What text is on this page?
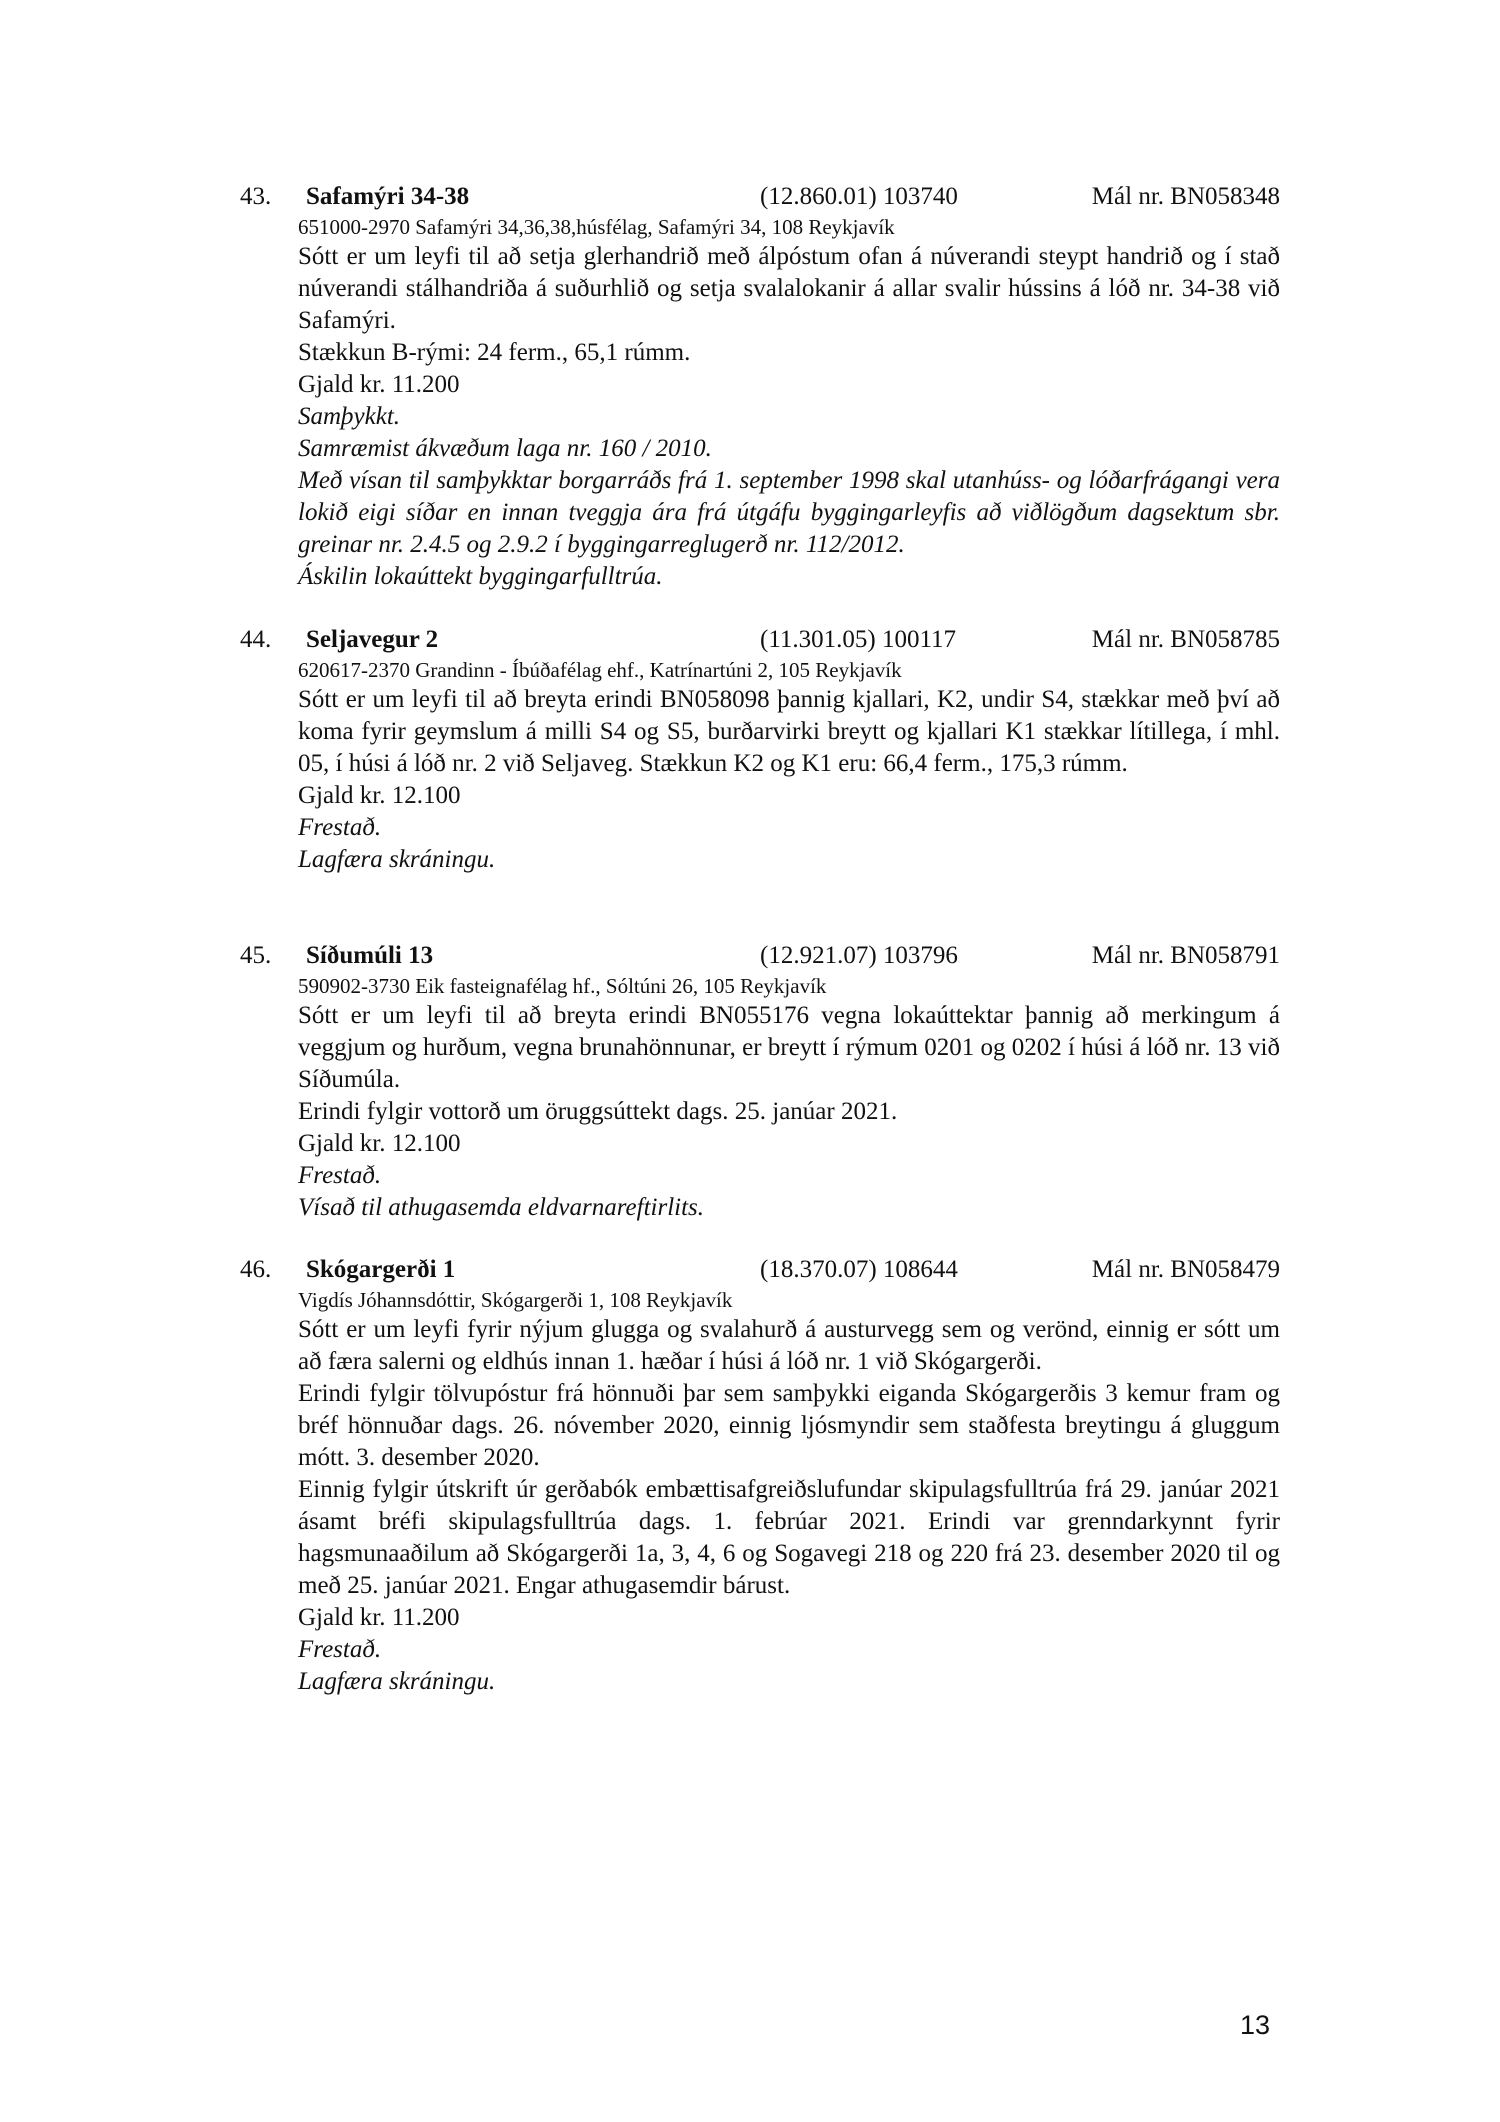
43. Safamýri 34-38	(12.860.01) 103740	Mál nr. BN058348
651000-2970 Safamýri 34,36,38,húsfélag, Safamýri 34, 108 Reykjavík
Sótt er um leyfi til að setja glerhandrið með álpóstum ofan á núverandi steypt handrið og í stað núverandi stálhandriða á suðurhlið og setja svalalokanir á allar svalir hússins á lóð nr. 34-38 við Safamýri.
Stækkun B-rými: 24 ferm., 65,1 rúmm.
Gjald kr. 11.200
Samþykkt.
Samræmist ákvæðum laga nr. 160 / 2010.
Með vísan til samþykktar borgarráðs frá 1. september 1998 skal utanhúss- og lóðarfrágangi vera lokið eigi síðar en innan tveggja ára frá útgáfu byggingarleyfis að viðlögðum dagsektum sbr. greinar nr. 2.4.5 og 2.9.2 í byggingarreglugerð nr. 112/2012.
Áskilin lokaúttekt byggingarfulltrúa.
44. Seljavegur 2	(11.301.05) 100117	Mál nr. BN058785
620617-2370 Grandinn - Íbúðafélag ehf., Katrínartúni 2, 105 Reykjavík
Sótt er um leyfi til að breyta erindi BN058098 þannig kjallari, K2, undir S4, stækkar með því að koma fyrir geymslum á milli S4 og S5, burðarvirki breytt og kjallari K1 stækkar lítillega, í mhl. 05, í húsi á lóð nr. 2 við Seljaveg. Stækkun K2 og K1 eru: 66,4 ferm., 175,3 rúmm.
Gjald kr. 12.100
Frestað.
Lagfæra skráningu.
45. Síðumúli 13	(12.921.07) 103796	Mál nr. BN058791
590902-3730 Eik fasteignafélag hf., Sóltúni 26, 105 Reykjavík
Sótt er um leyfi til að breyta erindi BN055176 vegna lokaúttektar þannig að merkingum á veggjum og hurðum, vegna brunahönnunar, er breytt í rýmum 0201 og 0202 í húsi á lóð nr. 13 við Síðumúla.
Erindi fylgir vottorð um öruggsúttekt dags. 25. janúar 2021.
Gjald kr. 12.100
Frestað.
Vísað til athugasemda eldvarnareftirlits.
46. Skógargerði 1	(18.370.07) 108644	Mál nr. BN058479
Vigdís Jóhannsdóttir, Skógargerði 1, 108 Reykjavík
Sótt er um leyfi fyrir nýjum glugga og svalahurð á austurvegg sem og verönd, einnig er sótt um að færa salerni og eldhús innan 1. hæðar í húsi á lóð nr. 1 við Skógargerði.
Erindi fylgir tölvupóstur frá hönnuði þar sem samþykki eiganda Skógargerðis 3 kemur fram og bréf hönnuðar dags. 26. nóvember 2020, einnig ljósmyndir sem staðfesta breytingu á gluggum mótt. 3. desember 2020.
Einnig fylgir útskrift úr gerðabók embættisafgreiðslufundar skipulagsfulltrúa frá 29. janúar 2021 ásamt bréfi skipulagsfulltrúa dags. 1. febrúar 2021. Erindi var grenndarkynnt fyrir hagsmunaaðilum að Skógargerði 1a, 3, 4, 6 og Sogavegi 218 og 220 frá 23. desember 2020 til og með 25. janúar 2021. Engar athugasemdir bárust.
Gjald kr. 11.200
Frestað.
Lagfæra skráningu.
13
